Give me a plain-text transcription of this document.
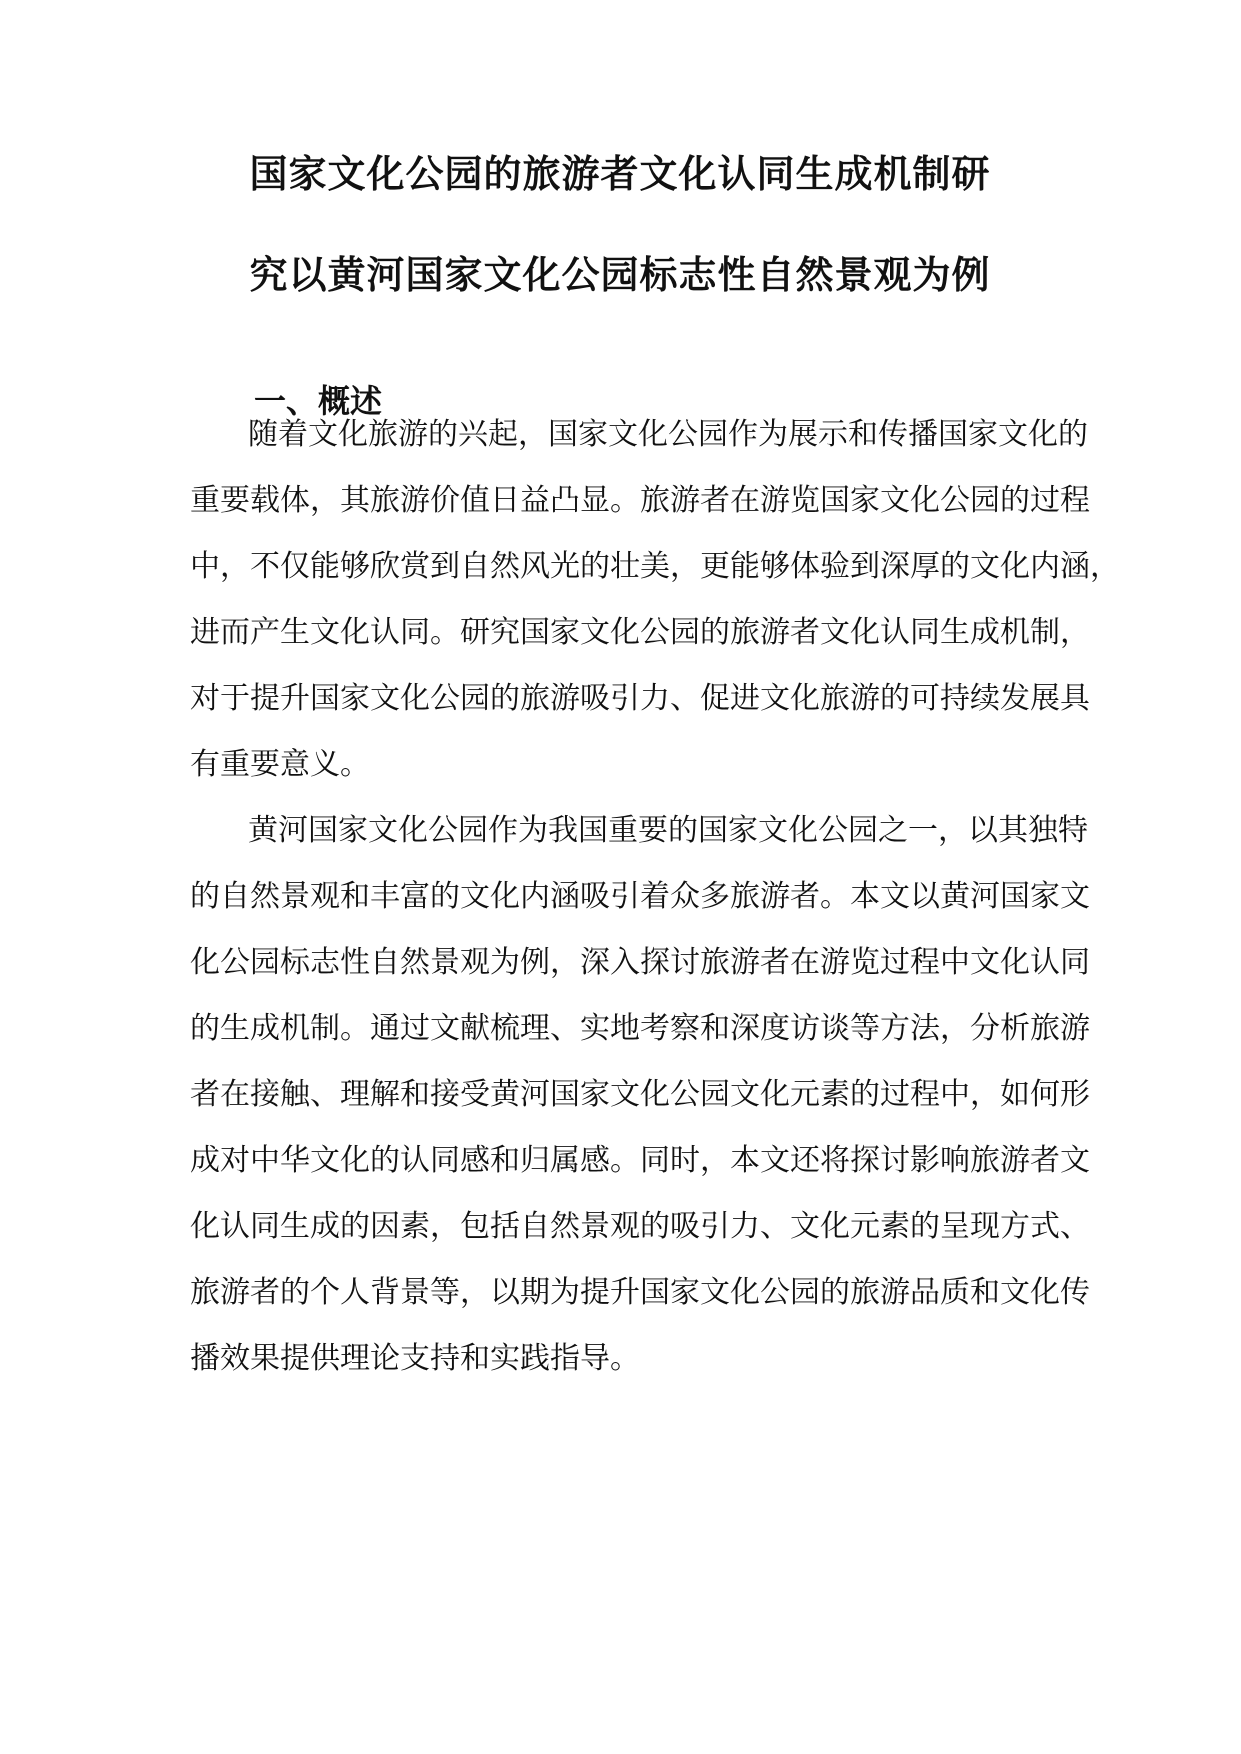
国家文化公园的旅游者文化认同生成机制研
究以黄河国家文化公园标志性自然景观为例
一、概述

随着文化旅游的兴起，国家文化公园作为展示和传播国家文化的

重要载体，其旅游价值日益凸显。旅游者在游览国家文化公园的过程

中，不仅能够欣赏到自然风光的壮美，更能够体验到深厚的文化内涵，

进而产生文化认同。研究国家文化公园的旅游者文化认同生成机制，

对于提升国家文化公园的旅游吸引力、促进文化旅游的可持续发展具

有重要意义。

黄河国家文化公园作为我国重要的国家文化公园之一，以其独特

的自然景观和丰富的文化内涵吸引着众多旅游者。本文以黄河国家文

化公园标志性自然景观为例，深入探讨旅游者在游览过程中文化认同

的生成机制。通过文献梳理、实地考察和深度访谈等方法，分析旅游

者在接触、理解和接受黄河国家文化公园文化元素的过程中，如何形

成对中华文化的认同感和归属感。同时，本文还将探讨影响旅游者文

化认同生成的因素，包括自然景观的吸引力、文化元素的呈现方式、

旅游者的个人背景等，以期为提升国家文化公园的旅游品质和文化传

播效果提供理论支持和实践指导。
